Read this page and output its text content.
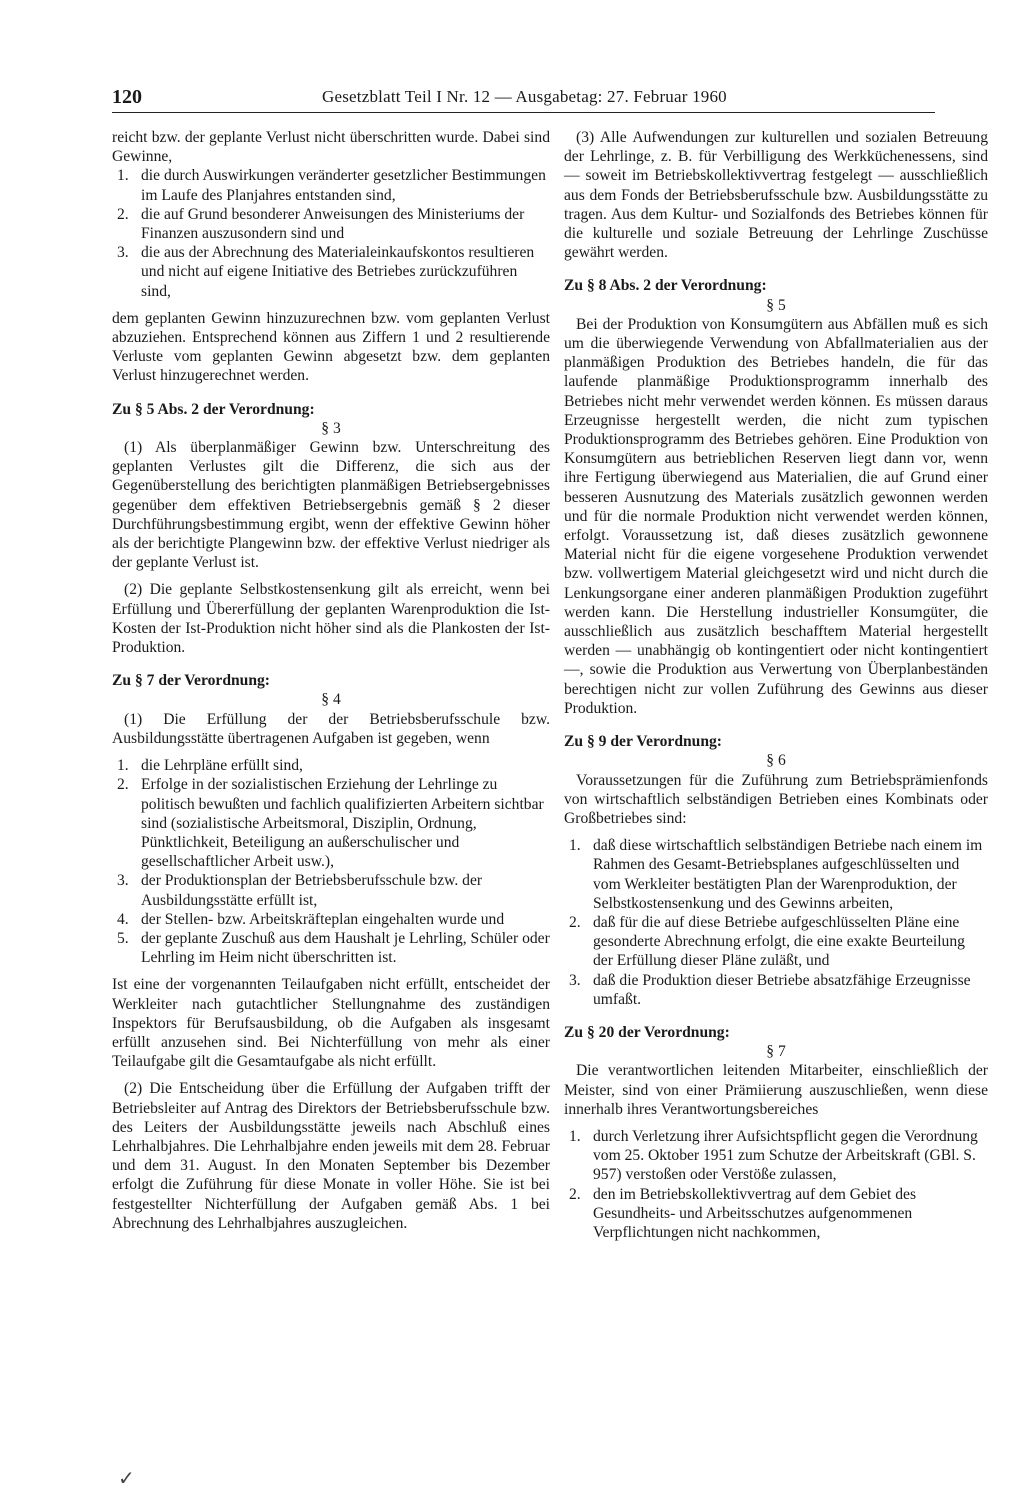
120	Gesetzblatt Teil I Nr. 12 — Ausgabetag: 27. Februar 1960

reicht bzw. der geplante Verlust nicht überschritten wurde. Dabei sind Gewinne,

1. die durch Auswirkungen veränderter gesetzlicher Bestimmungen im Laufe des Planjahres entstanden sind,
2. die auf Grund besonderer Anweisungen des Ministeriums der Finanzen auszusondern sind und
3. die aus der Abrechnung des Materialeinkaufskontos resultieren und nicht auf eigene Initiative des Betriebes zurückzuführen sind,

dem geplanten Gewinn hinzuzurechnen bzw. vom geplanten Verlust abzuziehen. Entsprechend können aus Ziffern 1 und 2 resultierende Verluste vom geplanten Gewinn abgesetzt bzw. dem geplanten Verlust hinzugerechnet werden.

Zu § 5 Abs. 2 der Verordnung:

§ 3

(1) Als überplanmäßiger Gewinn bzw. Unterschreitung des geplanten Verlustes gilt die Differenz, die sich aus der Gegenüberstellung des berichtigten planmäßigen Betriebsergebnisses gegenüber dem effektiven Betriebsergebnis gemäß § 2 dieser Durchführungsbestimmung ergibt, wenn der effektive Gewinn höher als der berichtigte Plangewinn bzw. der effektive Verlust niedriger als der geplante Verlust ist.

(2) Die geplante Selbstkostensenkung gilt als erreicht, wenn bei Erfüllung und Übererfüllung der geplanten Warenproduktion die Ist-Kosten der Ist-Produktion nicht höher sind als die Plankosten der Ist-Produktion.

Zu § 7 der Verordnung:

§ 4

(1) Die Erfüllung der der Betriebsberufsschule bzw. Ausbildungsstätte übertragenen Aufgaben ist gegeben, wenn

1. die Lehrpläne erfüllt sind,
2. Erfolge in der sozialistischen Erziehung der Lehrlinge zu politisch bewußten und fachlich qualifizierten Arbeitern sichtbar sind (sozialistische Arbeitsmoral, Disziplin, Ordnung, Pünktlichkeit, Beteiligung an außerschulischer und gesellschaftlicher Arbeit usw.),
3. der Produktionsplan der Betriebsberufsschule bzw. der Ausbildungsstätte erfüllt ist,
4. der Stellen- bzw. Arbeitskräfteplan eingehalten wurde und
5. der geplante Zuschuß aus dem Haushalt je Lehrling, Schüler oder Lehrling im Heim nicht überschritten ist.

Ist eine der vorgenannten Teilaufgaben nicht erfüllt, entscheidet der Werkleiter nach gutachtlicher Stellungnahme des zuständigen Inspektors für Berufsausbildung, ob die Aufgaben als insgesamt erfüllt anzusehen sind. Bei Nichterfüllung von mehr als einer Teilaufgabe gilt die Gesamtaufgabe als nicht erfüllt.

(2) Die Entscheidung über die Erfüllung der Aufgaben trifft der Betriebsleiter auf Antrag des Direktors der Betriebsberufsschule bzw. des Leiters der Ausbildungsstätte jeweils nach Abschluß eines Lehrhalbjahres. Die Lehrhalbjahre enden jeweils mit dem 28. Februar und dem 31. August. In den Monaten September bis Dezember erfolgt die Zuführung für diese Monate in voller Höhe. Sie ist bei festgestellter Nichterfüllung der Aufgaben gemäß Abs. 1 bei Abrechnung des Lehrhalbjahres auszugleichen.

(3) Alle Aufwendungen zur kulturellen und sozialen Betreuung der Lehrlinge, z. B. für Verbilligung des Werkküchenessens, sind — soweit im Betriebskollektivvertrag festgelegt — ausschließlich aus dem Fonds der Betriebsberufsschule bzw. Ausbildungsstätte zu tragen. Aus dem Kultur- und Sozialfonds des Betriebes können für die kulturelle und soziale Betreuung der Lehrlinge Zuschüsse gewährt werden.

Zu § 8 Abs. 2 der Verordnung:

§ 5

Bei der Produktion von Konsumgütern aus Abfällen muß es sich um die überwiegende Verwendung von Abfallmaterialien aus der planmäßigen Produktion des Betriebes handeln, die für das laufende planmäßige Produktionsprogramm innerhalb des Betriebes nicht mehr verwendet werden können. Es müssen daraus Erzeugnisse hergestellt werden, die nicht zum typischen Produktionsprogramm des Betriebes gehören. Eine Produktion von Konsumgütern aus betrieblichen Reserven liegt dann vor, wenn ihre Fertigung überwiegend aus Materialien, die auf Grund einer besseren Ausnutzung des Materials zusätzlich gewonnen werden und für die normale Produktion nicht verwendet werden können, erfolgt. Voraussetzung ist, daß dieses zusätzlich gewonnene Material nicht für die eigene vorgesehene Produktion verwendet bzw. vollwertigem Material gleichgesetzt wird und nicht durch die Lenkungsorgane einer anderen planmäßigen Produktion zugeführt werden kann. Die Herstellung industrieller Konsumgüter, die ausschließlich aus zusätzlich beschafftem Material hergestellt werden — unabhängig ob kontingentiert oder nicht kontingentiert —, sowie die Produktion aus Verwertung von Überplanbeständen berechtigen nicht zur vollen Zuführung des Gewinns aus dieser Produktion.

Zu § 9 der Verordnung:

§ 6

Voraussetzungen für die Zuführung zum Betriebsprämienfonds von wirtschaftlich selbständigen Betrieben eines Kombinats oder Großbetriebes sind:

1. daß diese wirtschaftlich selbständigen Betriebe nach einem im Rahmen des Gesamt-Betriebsplanes aufgeschlüsselten und vom Werkleiter bestätigten Plan der Warenproduktion, der Selbstkostensenkung und des Gewinns arbeiten,
2. daß für die auf diese Betriebe aufgeschlüsselten Pläne eine gesonderte Abrechnung erfolgt, die eine exakte Beurteilung der Erfüllung dieser Pläne zuläßt, und
3. daß die Produktion dieser Betriebe absatzfähige Erzeugnisse umfaßt.

Zu § 20 der Verordnung:

§ 7

Die verantwortlichen leitenden Mitarbeiter, einschließlich der Meister, sind von einer Prämiierung auszuschließen, wenn diese innerhalb ihres Verantwortungsbereiches

1. durch Verletzung ihrer Aufsichtspflicht gegen die Verordnung vom 25. Oktober 1951 zum Schutze der Arbeitskraft (GBl. S. 957) verstoßen oder Verstöße zulassen,
2. den im Betriebskollektivvertrag auf dem Gebiet des Gesundheits- und Arbeitsschutzes aufgenommenen Verpflichtungen nicht nachkommen,
✓
